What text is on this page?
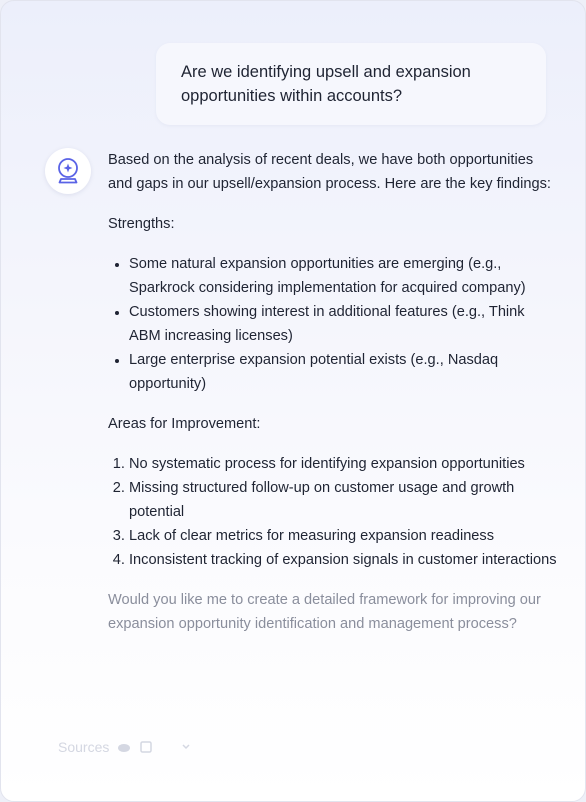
Are we identifying upsell and expansion opportunities within accounts?

Based on the analysis of recent deals, we have both opportunities and gaps in our upsell/expansion process. Here are the key findings:

Strengths:

• Some natural expansion opportunities are emerging (e.g., Sparkrock considering implementation for acquired company)
• Customers showing interest in additional features (e.g., Think ABM increasing licenses)
• Large enterprise expansion potential exists (e.g., Nasdaq opportunity)

Areas for Improvement:

1. No systematic process for identifying expansion opportunities
2. Missing structured follow-up on customer usage and growth potential
3. Lack of clear metrics for measuring expansion readiness
4. Inconsistent tracking of expansion signals in customer interactions

Would you like me to create a detailed framework for improving our expansion opportunity identification and management process?

Sources
